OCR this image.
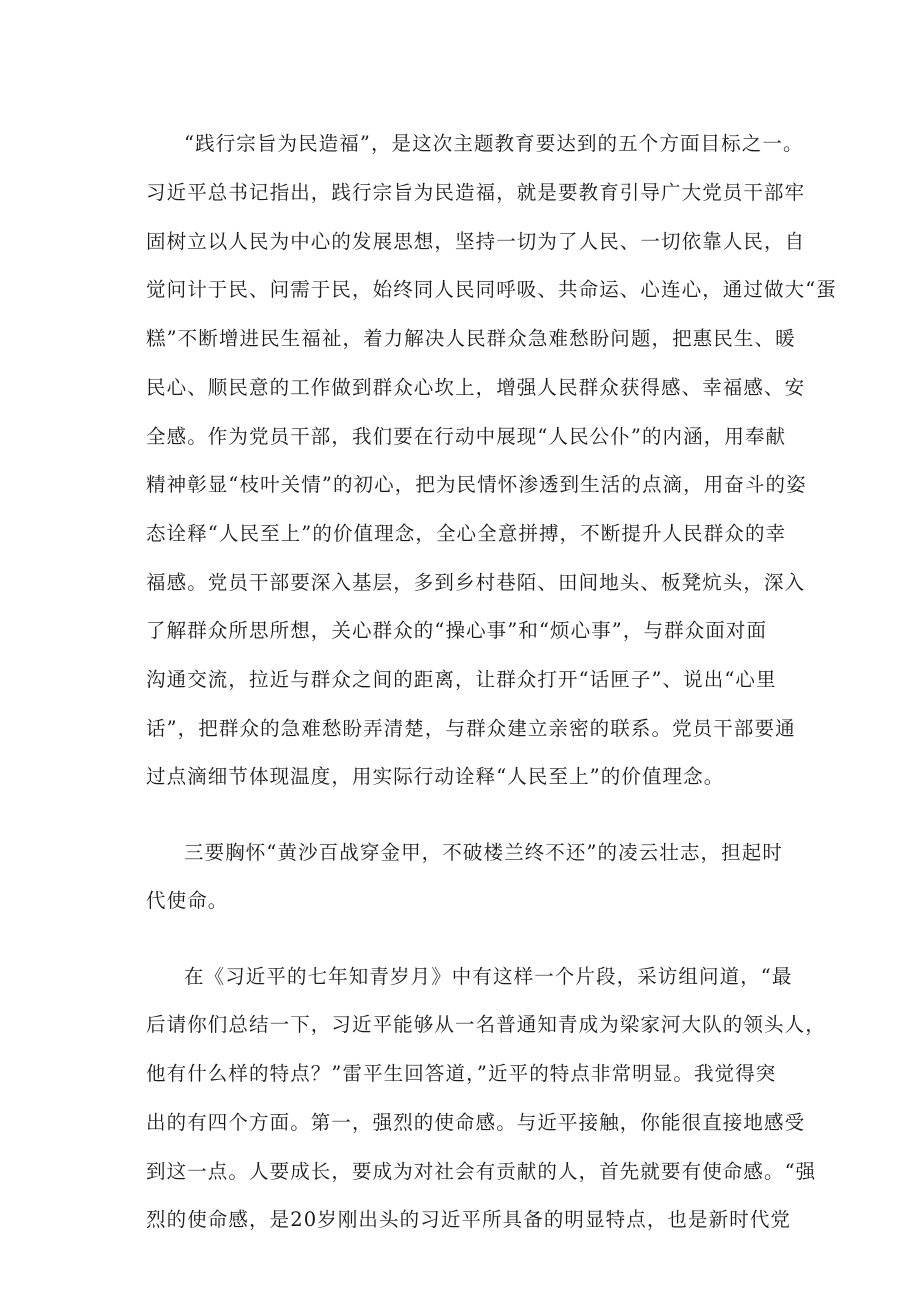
“践行宗旨为民造福”，是这次主题教育要达到的五个方面目标之一。
习近平总书记指出，践行宗旨为民造福，就是要教育引导广大党员干部牢
固树立以人民为中心的发展思想，坚持一切为了人民、一切依靠人民，自
觉问计于民、问需于民，始终同人民同呼吸、共命运、心连心，通过做大“蛋
糕”不断增进民生福祉，着力解决人民群众急难愁盼问题，把惠民生、暖
民心、顺民意的工作做到群众心坎上，增强人民群众获得感、幸福感、安
全感。作为党员干部，我们要在行动中展现“人民公仆”的内涵，用奉献
精神彰显“枝叶关情”的初心，把为民情怀渗透到生活的点滴，用奋斗的姿
态诠释“人民至上”的价值理念，全心全意拼搏，不断提升人民群众的幸
福感。党员干部要深入基层，多到乡村巷陌、田间地头、板凳炕头，深入
了解群众所思所想，关心群众的“操心事”和“烦心事”，与群众面对面
沟通交流，拉近与群众之间的距离，让群众打开“话匣子”、说出“心里
话”，把群众的急难愁盼弄清楚，与群众建立亲密的联系。党员干部要通
过点滴细节体现温度，用实际行动诠释“人民至上”的价值理念。
三要胸怀“黄沙百战穿金甲，不破楼兰终不还”的凌云壮志，担起时
代使命。
在《习近平的七年知青岁月》中有这样一个片段，采访组问道，“最
后请你们总结一下，习近平能够从一名普通知青成为梁家河大队的领头人，
他有什么样的特点？”雷平生回答道，”近平的特点非常明显。我觉得突
出的有四个方面。第一，强烈的使命感。与近平接触，你能很直接地感受
到这一点。人要成长，要成为对社会有贡献的人，首先就要有使命感。“强
烈的使命感，是20岁刚出头的习近平所具备的明显特点，也是新时代党
